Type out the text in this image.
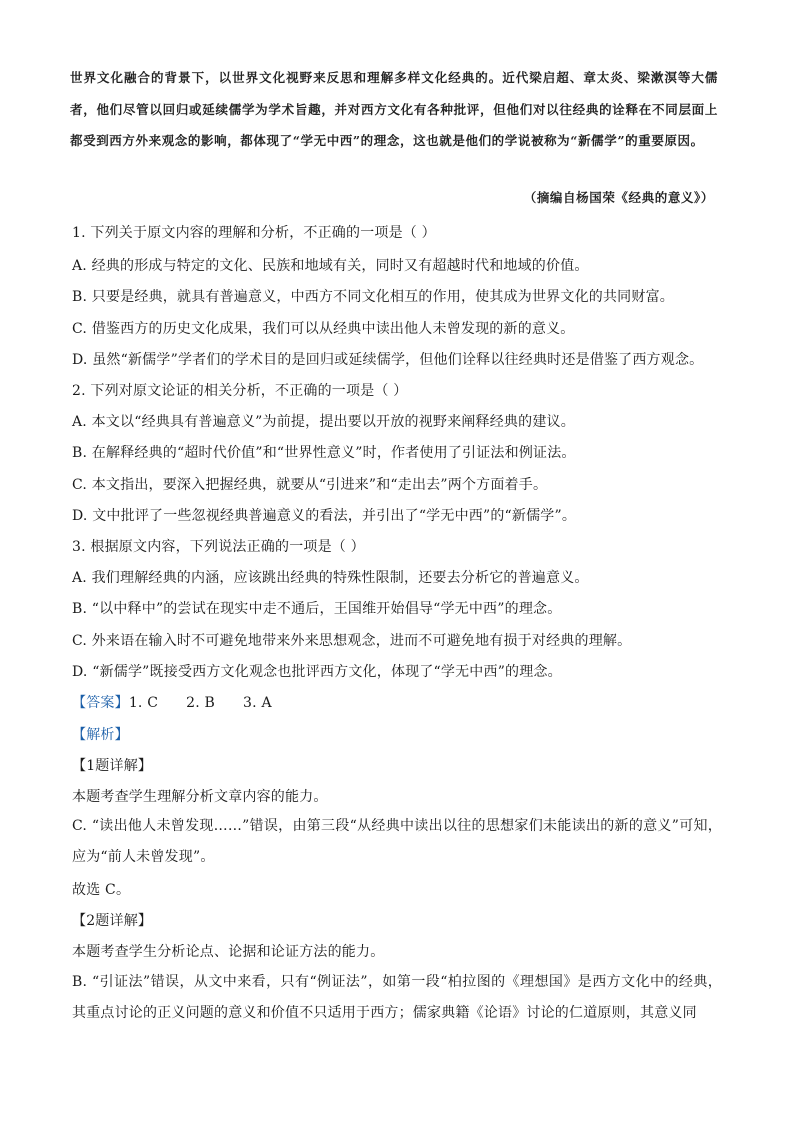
世界文化融合的背景下，以世界文化视野来反思和理解多样文化经典的。近代梁启超、章太炎、梁漱溟等大儒者，他们尽管以回归或延续儒学为学术旨趣，并对西方文化有各种批评，但他们对以往经典的诠释在不同层面上都受到西方外来观念的影响，都体现了“学无中西”的理念，这也就是他们的学说被称为“新儒学”的重要原因。
（摘编自杨国荣《经典的意义》）
1. 下列关于原文内容的理解和分析，不正确的一项是（ ）
A. 经典的形成与特定的文化、民族和地域有关，同时又有超越时代和地域的价值。
B. 只要是经典，就具有普遍意义，中西方不同文化相互的作用，使其成为世界文化的共同财富。
C. 借鉴西方的历史文化成果，我们可以从经典中读出他人未曾发现的新的意义。
D. 虽然“新儒学”学者们的学术目的是回归或延续儒学，但他们诠释以往经典时还是借鉴了西方观念。
2. 下列对原文论证的相关分析，不正确的一项是（ ）
A. 本文以“经典具有普遍意义”为前提，提出要以开放的视野来阐释经典的建议。
B. 在解释经典的“超时代价值”和“世界性意义”时，作者使用了引证法和例证法。
C. 本文指出，要深入把握经典，就要从“引进来”和“走出去”两个方面着手。
D. 文中批评了一些忽视经典普遍意义的看法，并引出了“学无中西”的“新儒学”。
3. 根据原文内容，下列说法正确的一项是（ ）
A. 我们理解经典的内涵，应该跳出经典的特殊性限制，还要去分析它的普遍意义。
B. “以中释中”的尝试在现实中走不通后，王国维开始倡导“学无中西”的理念。
C. 外来语在输入时不可避免地带来外来思想观念，进而不可避免地有损于对经典的理解。
D. “新儒学”既接受西方文化观念也批评西方文化，体现了“学无中西”的理念。
【答案】1. C 2. B 3. A
【解析】
【1题详解】
本题考查学生理解分析文章内容的能力。
C. “读出他人未曾发现……”错误，由第三段“从经典中读出以往的思想家们未能读出的新的意义”可知，应为“前人未曾发现”。
故选 C。
【2题详解】
本题考查学生分析论点、论据和论证方法的能力。
B. “引证法”错误，从文中来看，只有“例证法”，如第一段“柏拉图的《理想国》是西方文化中的经典，其重点讨论的正义问题的意义和价值不只适用于西方；儒家典籍《论语》讨论的仁道原则，其意义同
